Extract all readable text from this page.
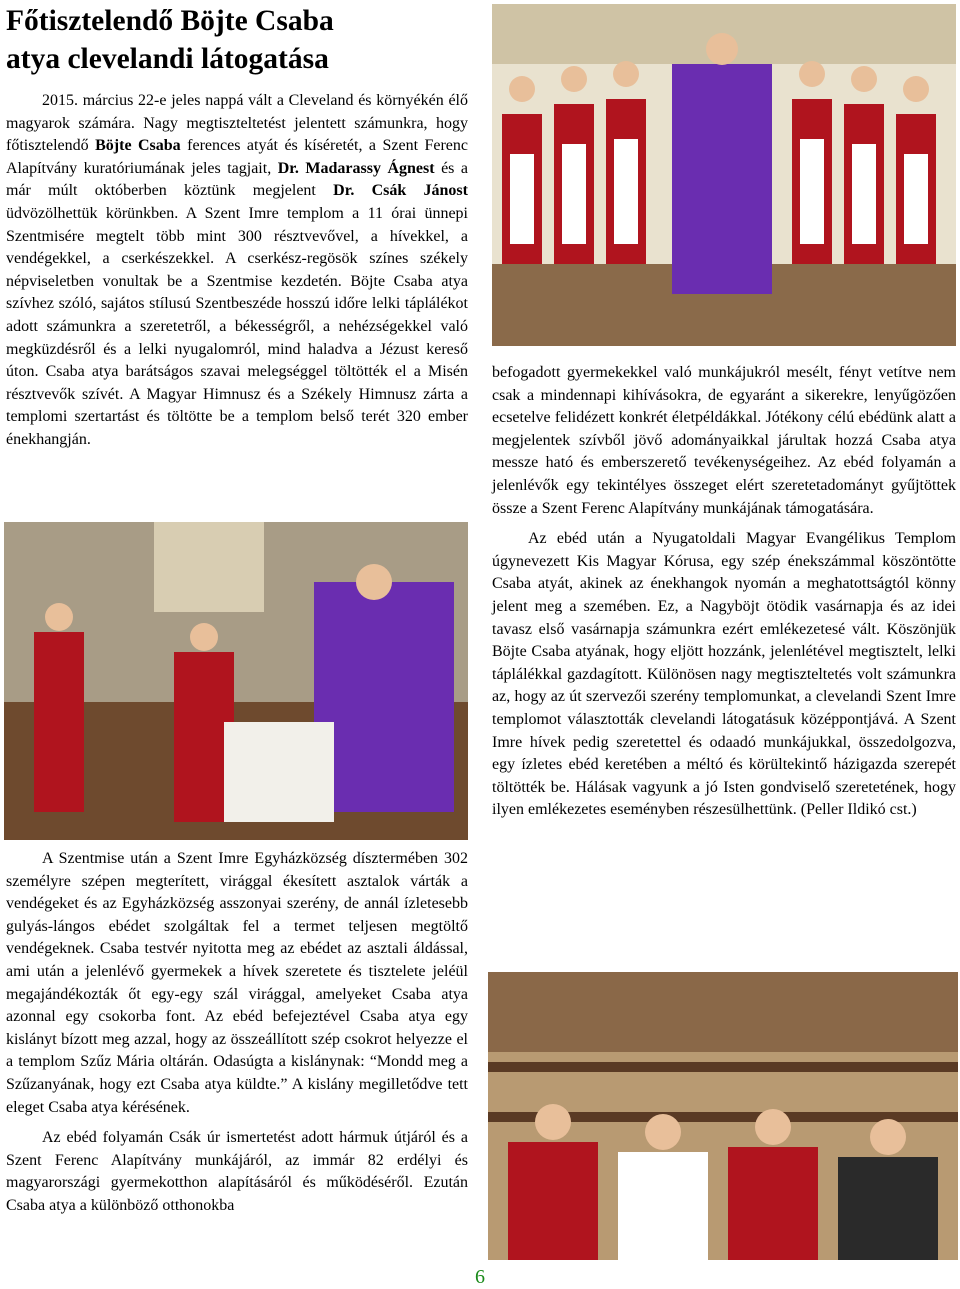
Főtisztelendő Böjte Csaba
atya clevelandi látogatása

2015. március 22-e jeles nappá vált a Cleveland és környékén élő magyarok számára. Nagy megtiszteltetést jelentett számunkra, hogy főtisztelendő Böjte Csaba ferences atyát és kíséretét, a Szent Ferenc Alapítvány kuratóriumának jeles tagjait, Dr. Madarassy Ágnest és a már múlt októberben köztünk megjelent Dr. Csák Jánost üdvözölhettük körünkben. A Szent Imre templom a 11 órai ünnepi Szentmisére megtelt több mint 300 résztvevővel, a hívekkel, a vendégekkel, a cserkészekkel. A cserkész-regösök színes székely népviseletben vonultak be a Szentmise kezdetén. Böjte Csaba atya szívhez szóló, sajátos stílusú Szentbeszéde hosszú időre lelki táplálékot adott számunkra a szeretetről, a békességről, a nehézségekkel való megküzdésről és a lelki nyugalomról, mind haladva a Jézust kereső úton. Csaba atya barátságos szavai melegséggel töltötték el a Misén résztvevők szívét. A Magyar Himnusz és a Székely Himnusz zárta a templomi szertartást és töltötte be a templom belső terét 320 ember énekhangján.

A Szentmise után a Szent Imre Egyházközség dísztermében 302 személyre szépen megterített, virággal ékesített asztalok várták a vendégeket és az Egyházközség asszonyai szerény, de annál ízletesebb gulyás-lángos ebédet szolgáltak fel a termet teljesen megtöltő vendégeknek. Csaba testvér nyitotta meg az ebédet az asztali áldással, ami után a jelenlévő gyermekek a hívek szeretete és tisztelete jeléül megajándékozták őt egy-egy szál virággal, amelyeket Csaba atya azonnal egy csokorba font. Az ebéd befejeztével Csaba atya egy kislányt bízott meg azzal, hogy az összeállított szép csokrot helyezze el a templom Szűz Mária oltárán. Odasúgta a kislánynak: “Mondd meg a Szűzanyának, hogy ezt Csaba atya küldte.” A kislány megilletődve tett eleget Csaba atya kérésének.

Az ebéd folyamán Csák úr ismertetést adott hármuk útjáról és a Szent Ferenc Alapítvány munkájáról, az immár 82 erdélyi és magyarországi gyermekotthon alapításáról és működéséről. Ezután Csaba atya a különböző otthonokba

befogadott gyermekekkel való munkájukról mesélt, fényt vetítve nem csak a mindennapi kihívásokra, de egyaránt a sikerekre, lenyűgözően ecsetelve felidézett konkrét életpéldákkal. Jótékony célú ebédünk alatt a megjelentek szívből jövő adományaikkal járultak hozzá Csaba atya messze ható és emberszerető tevékenységeihez. Az ebéd folyamán a jelenlévők egy tekintélyes összeget elért szeretetadományt gyűjtöttek össze a Szent Ferenc Alapítvány munkájának támogatására.

Az ebéd után a Nyugatoldali Magyar Evangélikus Templom úgynevezett Kis Magyar Kórusa, egy szép énekszámmal köszöntötte Csaba atyát, akinek az énekhangok nyomán a meghatottságtól könny jelent meg a szemében. Ez, a Nagyböjt ötödik vasárnapja és az idei tavasz első vasárnapja számunkra ezért emlékezetesé vált. Köszönjük Böjte Csaba atyának, hogy eljött hozzánk, jelenlétével megtisztelt, lelki táplálékkal gazdagított. Különösen nagy megtiszteltetés volt számunkra az, hogy az út szervezői szerény templomunkat, a clevelandi Szent Imre templomot választották clevelandi látogatásuk középpontjává. A Szent Imre hívek pedig szeretettel és odaadó munkájukkal, összedolgozva, egy ízletes ebéd keretében a méltó és körültekintő házigazda szerepét töltötték be. Hálásak vagyunk a jó Isten gondviselő szeretetének, hogy ilyen emlékezetes eseményben részesülhettünk. (Peller Ildikó cst.)

6
